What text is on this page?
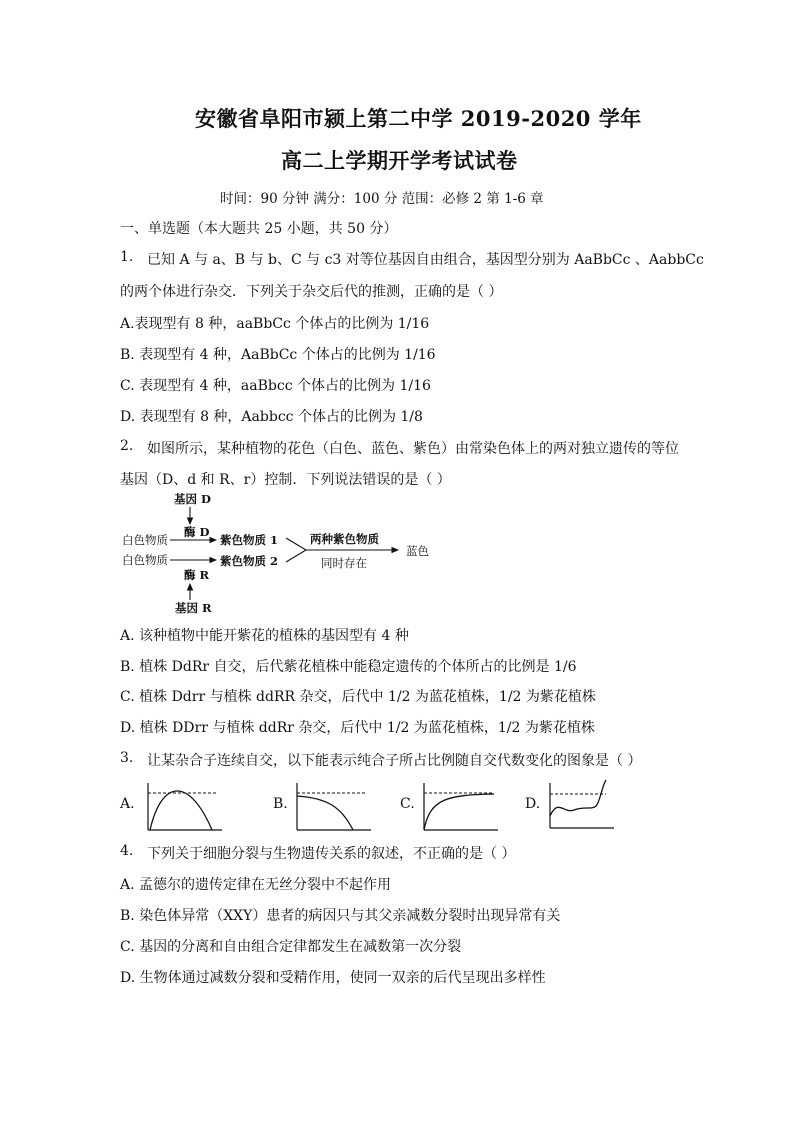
安徽省阜阳市颍上第二中学 2019-2020 学年
高二上学期开学考试试卷
时间：90 分钟 满分：100 分 范围：必修 2 第 1-6 章
一、单选题（本大题共 25 小题，共 50 分）
1. 已知 A 与 a、B 与 b、C 与 c3 对等位基因自由组合，基因型分别为 AaBbCc 、AabbCc
的两个体进行杂交．下列关于杂交后代的推测，正确的是（ ）
A.表现型有 8 种，aaBbCc 个体占的比例为 1/16
B. 表现型有 4 种，AaBbCc 个体占的比例为 1/16
C. 表现型有 4 种，aaBbcc 个体占的比例为 1/16
D. 表现型有 8 种，Aabbcc 个体占的比例为 1/8
2. 如图所示，某种植物的花色（白色、蓝色、紫色）由常染色体上的两对独立遗传的等位
基因（D、d 和 R、r）控制．下列说法错误的是（ ）
基因 D
酶 D
白色物质	紫色物质 1
白色物质	紫色物质 2
酶 R
基因 R
两种紫色物质
同时存在
蓝色
A. 该种植物中能开紫花的植株的基因型有 4 种
B. 植株 DdRr 自交，后代紫花植株中能稳定遗传的个体所占的比例是 1/6
C. 植株 Ddrr 与植株 ddRR 杂交，后代中 1/2 为蓝花植株，1/2 为紫花植株
D. 植株 DDrr 与植株 ddRr 杂交，后代中 1/2 为蓝花植株，1/2 为紫花植株
3. 让某杂合子连续自交，以下能表示纯合子所占比例随自交代数变化的图象是（ ）
A.	B.	C.	D.
4. 下列关于细胞分裂与生物遗传关系的叙述，不正确的是（ ）
A. 孟德尔的遗传定律在无丝分裂中不起作用
B. 染色体异常（XXY）患者的病因只与其父亲减数分裂时出现异常有关
C. 基因的分离和自由组合定律都发生在减数第一次分裂
D. 生物体通过减数分裂和受精作用，使同一双亲的后代呈现出多样性
